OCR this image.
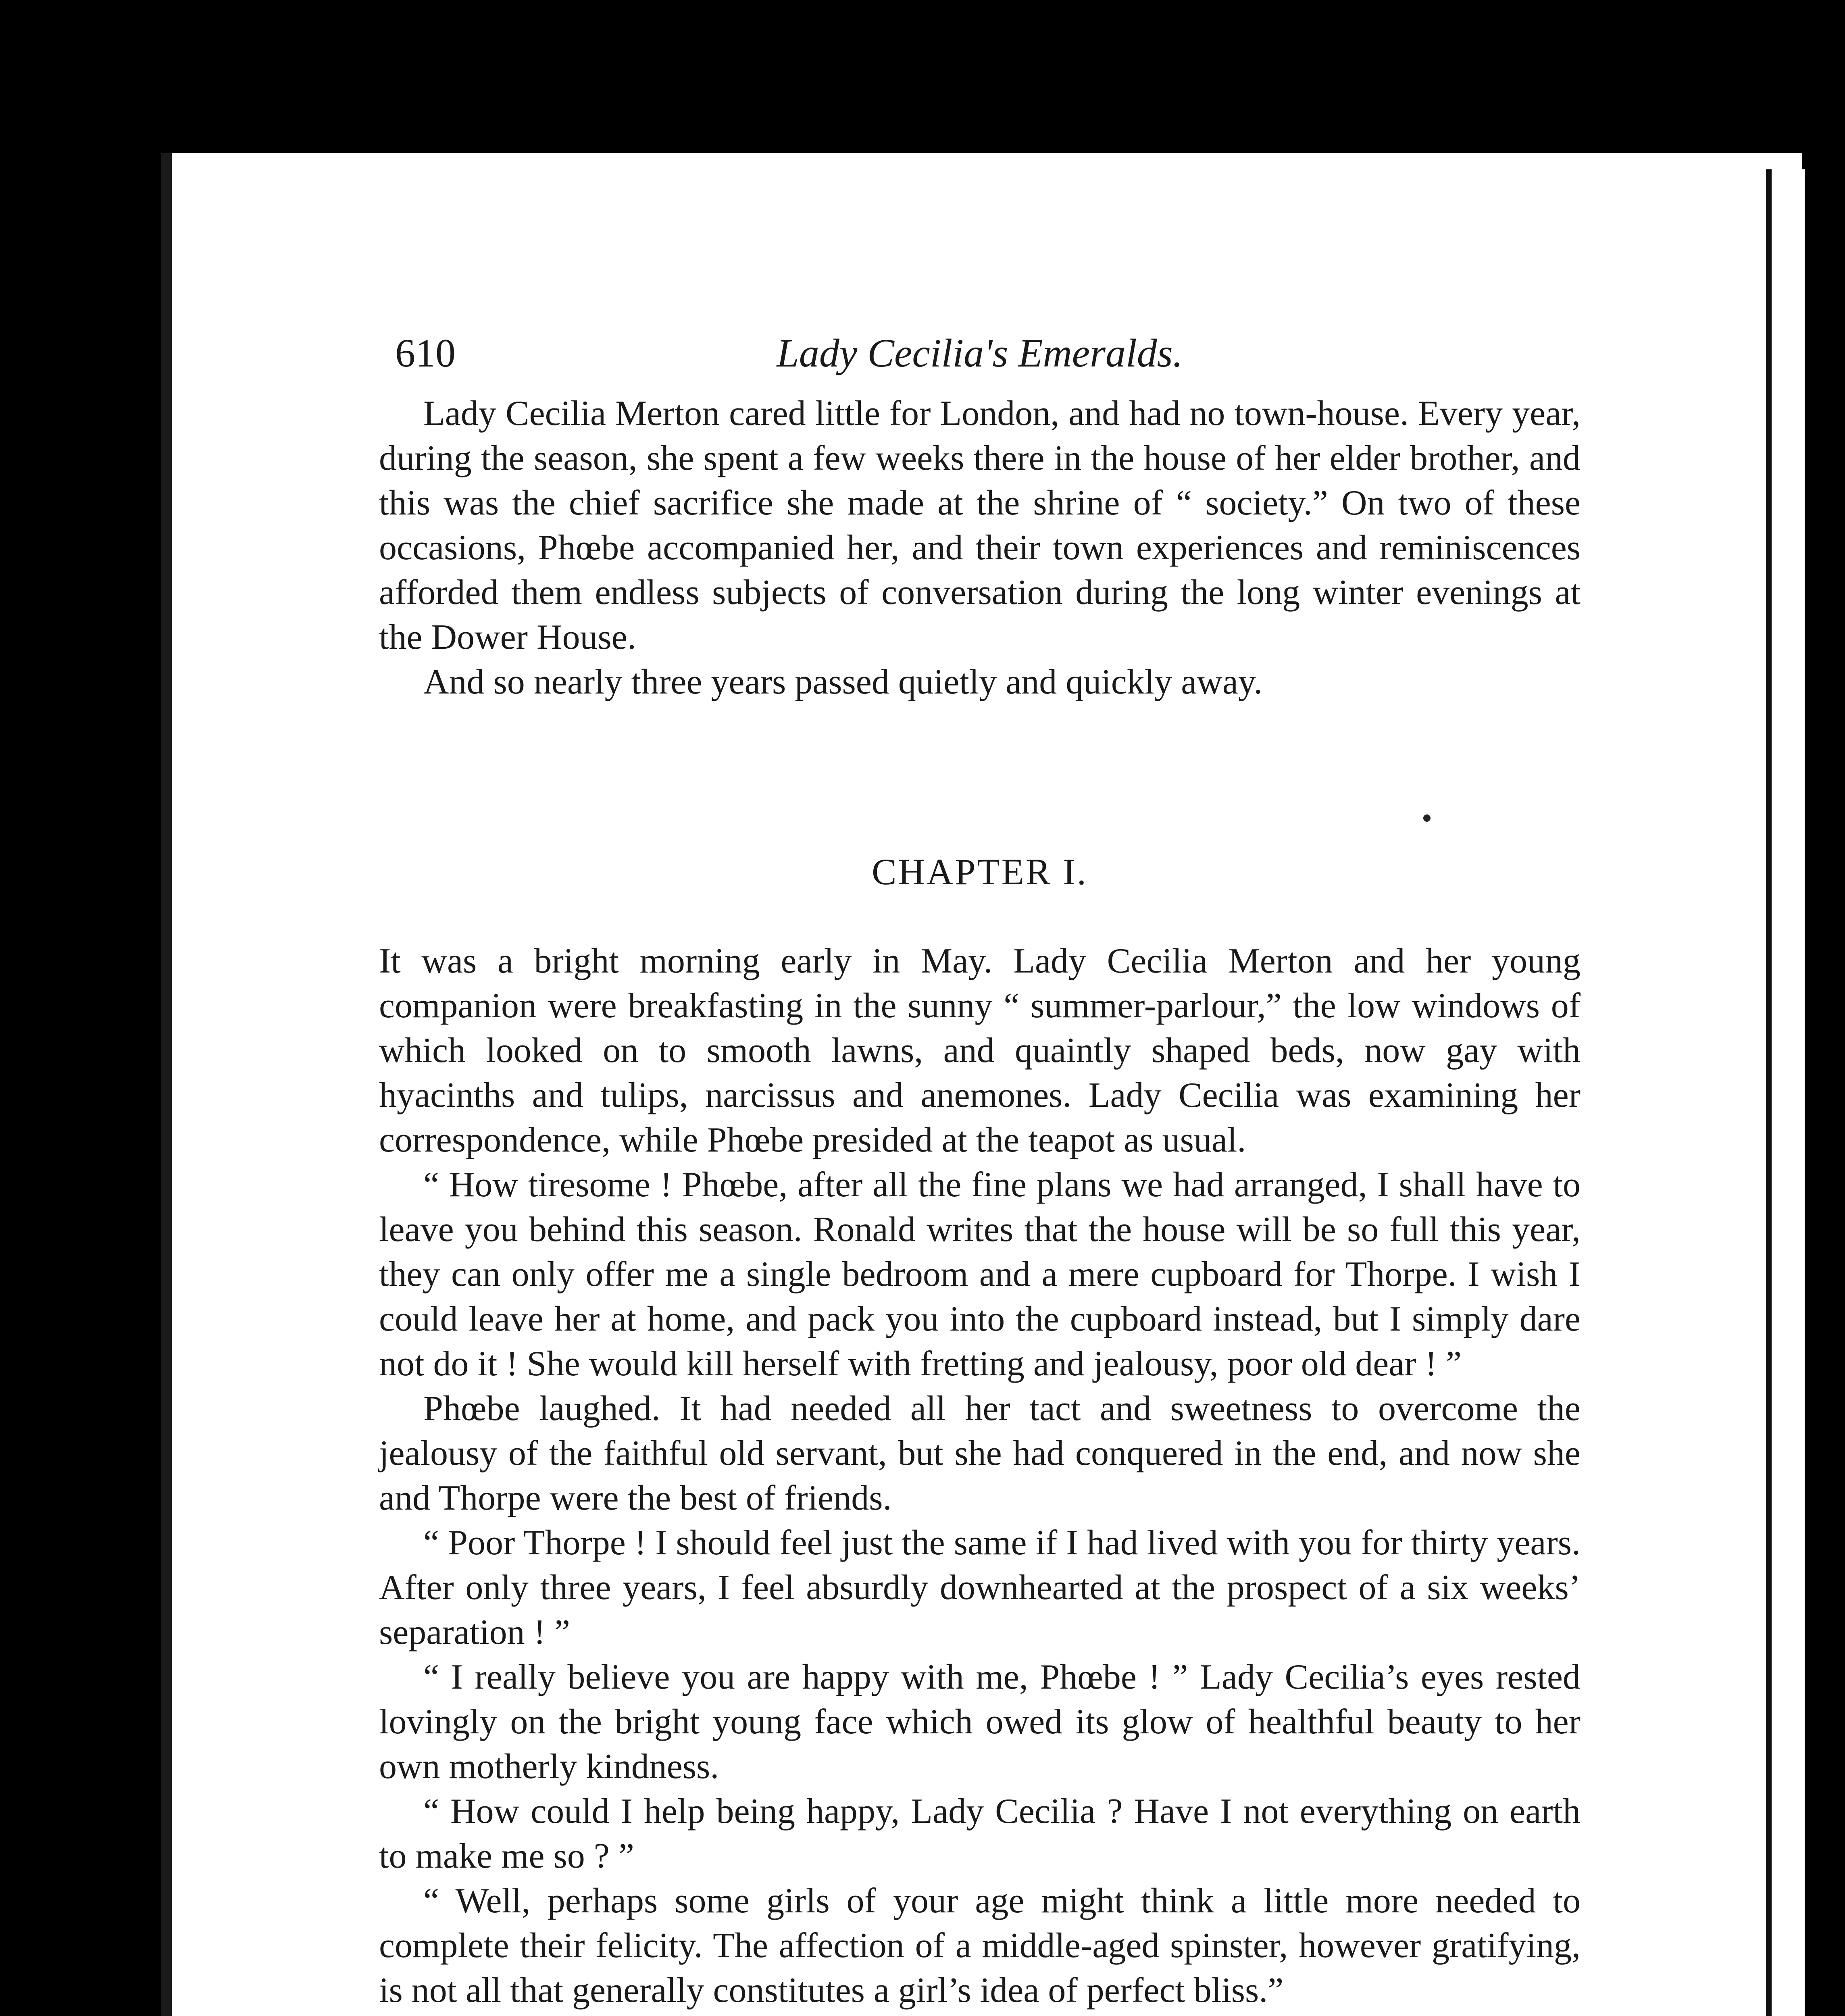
610	Lady Cecilia's Emeralds.

Lady Cecilia Merton cared little for London, and had no town-house. Every year, during the season, she spent a few weeks there in the house of her elder brother, and this was the chief sacrifice she made at the shrine of “ society.” On two of these occasions, Phœbe accompanied her, and their town experiences and reminiscences afforded them endless subjects of conversation during the long winter evenings at the Dower House.

And so nearly three years passed quietly and quickly away.

CHAPTER I.

It was a bright morning early in May. Lady Cecilia Merton and her young companion were breakfasting in the sunny “ summer-parlour,” the low windows of which looked on to smooth lawns, and quaintly shaped beds, now gay with hyacinths and tulips, narcissus and anemones. Lady Cecilia was examining her correspondence, while Phœbe presided at the teapot as usual.

“ How tiresome ! Phœbe, after all the fine plans we had arranged, I shall have to leave you behind this season. Ronald writes that the house will be so full this year, they can only offer me a single bedroom and a mere cupboard for Thorpe. I wish I could leave her at home, and pack you into the cupboard instead, but I simply dare not do it ! She would kill herself with fretting and jealousy, poor old dear ! ”

Phœbe laughed. It had needed all her tact and sweetness to overcome the jealousy of the faithful old servant, but she had conquered in the end, and now she and Thorpe were the best of friends.

“ Poor Thorpe ! I should feel just the same if I had lived with you for thirty years. After only three years, I feel absurdly downhearted at the prospect of a six weeks’ separation ! ”

“ I really believe you are happy with me, Phœbe ! ” Lady Cecilia’s eyes rested lovingly on the bright young face which owed its glow of healthful beauty to her own motherly kindness.

“ How could I help being happy, Lady Cecilia ? Have I not everything on earth to make me so ? ”

“ Well, perhaps some girls of your age might think a little more needed to complete their felicity. The affection of a middle-aged spinster, however gratifying, is not all that generally constitutes a girl’s idea of perfect bliss.”
